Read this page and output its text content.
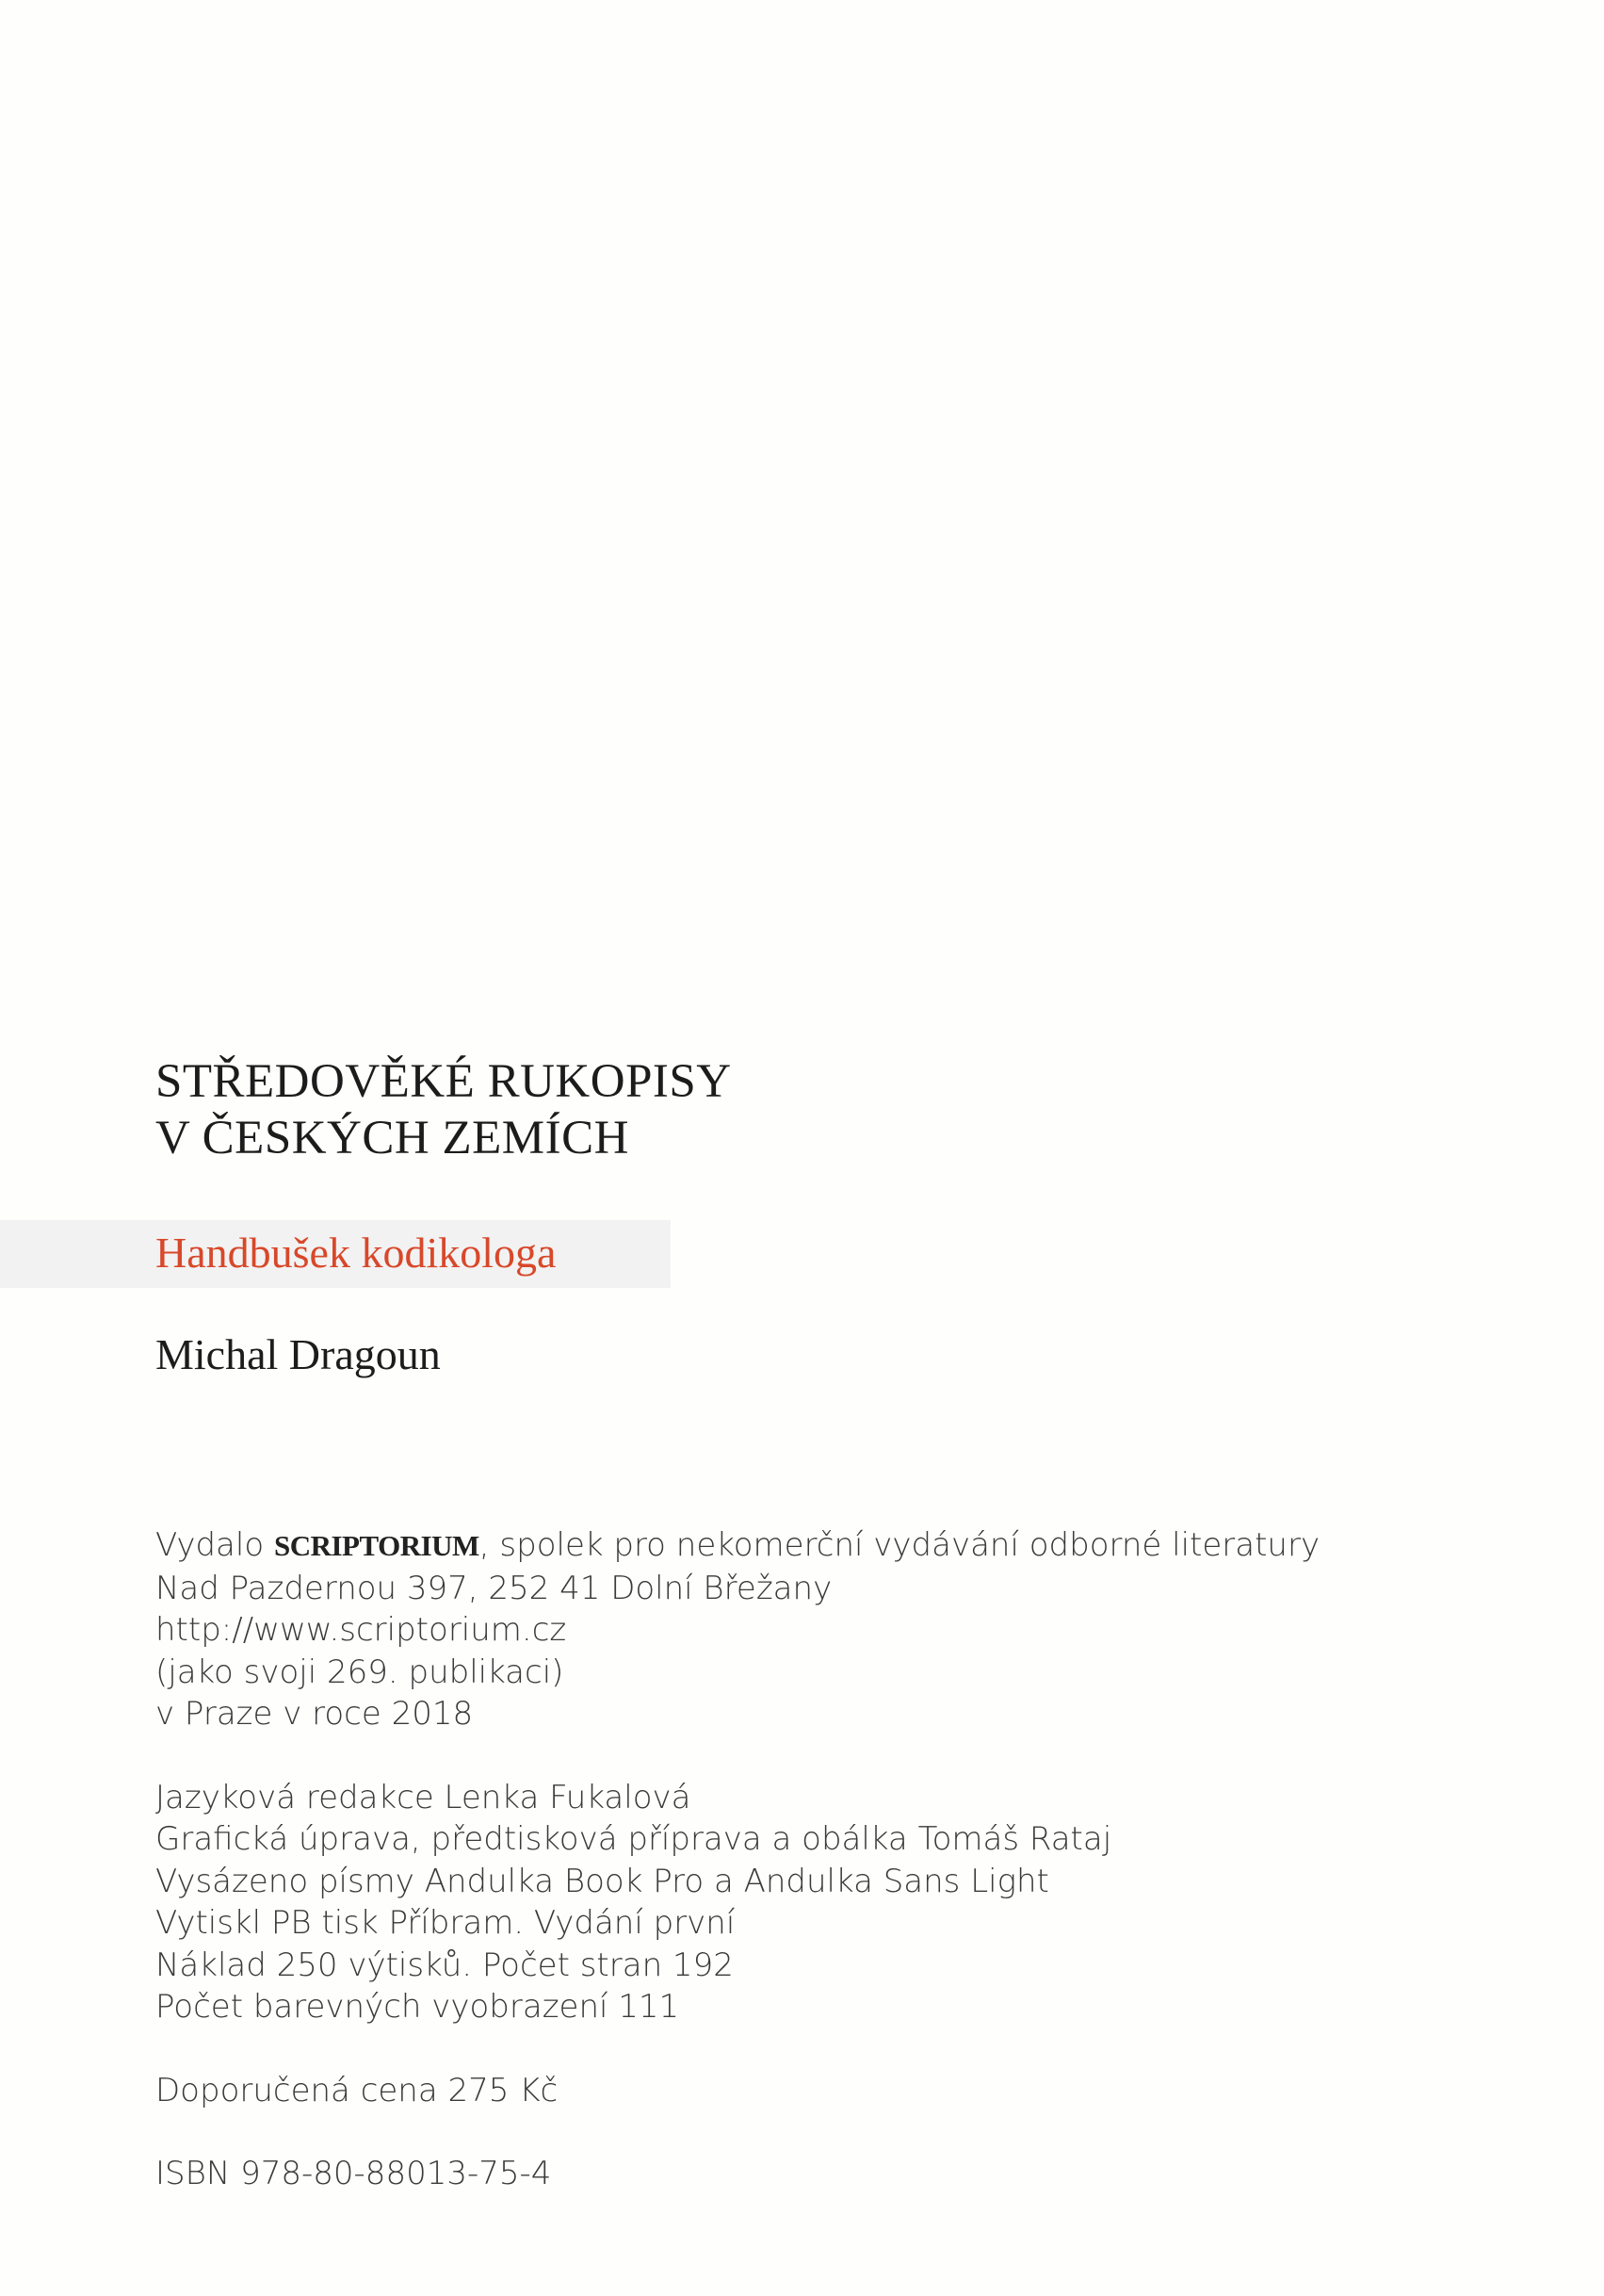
STŘEDOVĚKÉ RUKOPISY
V ČESKÝCH ZEMÍCH
Handbušek kodikologa
Michal Dragoun
Vydalo SCRIPTORIUM, spolek pro nekomerční vydávání odborné literatury
Nad Pazdernou 397, 252 41 Dolní Břežany
http://www.scriptorium.cz
(jako svoji 269. publikaci)
v Praze v roce 2018
Jazyková redakce Lenka Fukalová
Grafická úprava, předtisková příprava a obálka Tomáš Rataj
Vysázeno písmy Andulka Book Pro a Andulka Sans Light
Vytiskl PB tisk Příbram. Vydání první
Náklad 250 výtisků. Počet stran 192
Počet barevných vyobrazení 111
Doporučená cena 275 Kč
ISBN 978-80-88013-75-4
